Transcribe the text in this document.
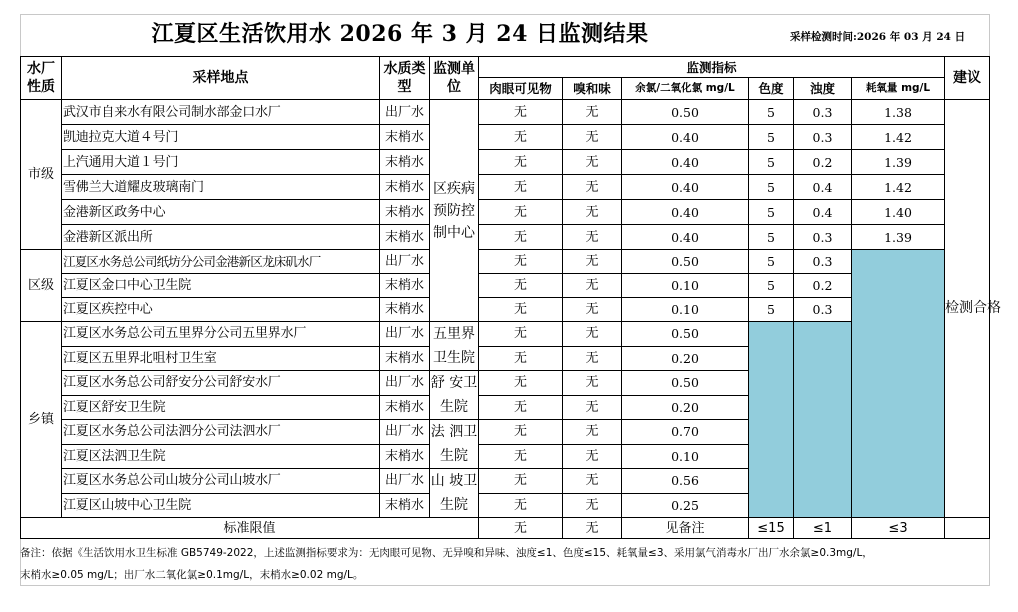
江夏区生活饮用水 2026 年 3 月 24 日监测结果	采样检测时间:2026 年 03 月 24 日
水厂性质	采样地点	水质类型	监测单位	监测指标						建议
				肉眼可见物	嗅和味	余氯/二氧化氯 mg/L	色度	浊度	耗氧量 mg/L	
市级	武汉市自来水有限公司制水部金口水厂	出厂水	区疾病预防控制中心	无	无	0.50	5	0.3	1.38	检测合格
	凯迪拉克大道４号门	末梢水		无	无	0.40	5	0.3	1.42	
	上汽通用大道１号门	末梢水		无	无	0.40	5	0.2	1.39	
	雪佛兰大道耀皮玻璃南门	末梢水		无	无	0.40	5	0.4	1.42	
	金港新区政务中心	末梢水		无	无	0.40	5	0.4	1.40	
	金港新区派出所	末梢水		无	无	0.40	5	0.3	1.39	
区级	江夏区水务总公司纸坊分公司金港新区龙床矶水厂	出厂水		无	无	0.50	5	0.3		
	江夏区金口中心卫生院	末梢水		无	无	0.10	5	0.2		
	江夏区疾控中心	末梢水		无	无	0.10	5	0.3		
乡镇	江夏区水务总公司五里界分公司五里界水厂	出厂水	五里界卫生院	无	无	0.50				
	江夏区五里界北咀村卫生室	末梢水		无	无	0.20				
	江夏区水务总公司舒安分公司舒安水厂	出厂水	舒 安卫生院	无	无	0.50				
	江夏区舒安卫生院	末梢水		无	无	0.20				
	江夏区水务总公司法泗分公司法泗水厂	出厂水	法 泗卫生院	无	无	0.70				
	江夏区法泗卫生院	末梢水		无	无	0.10				
	江夏区水务总公司山坡分公司山坡水厂	出厂水	山 坡卫生院	无	无	0.56				
	江夏区山坡中心卫生院	末梢水		无	无	0.25				
标准限值				无	无	见备注	≤15	≤1	≤3	
备注：依据《生活饮用水卫生标准 GB5749-2022，上述监测指标要求为：无肉眼可见物、无异嗅和异味、浊度≤1、色度≤15、耗氧量≤3、采用氯气消毒水厂出厂水余氯≥0.3mg/L，
末梢水≥0.05 mg/L；出厂水二氧化氯≥0.1mg/L，末梢水≥0.02 mg/L。
